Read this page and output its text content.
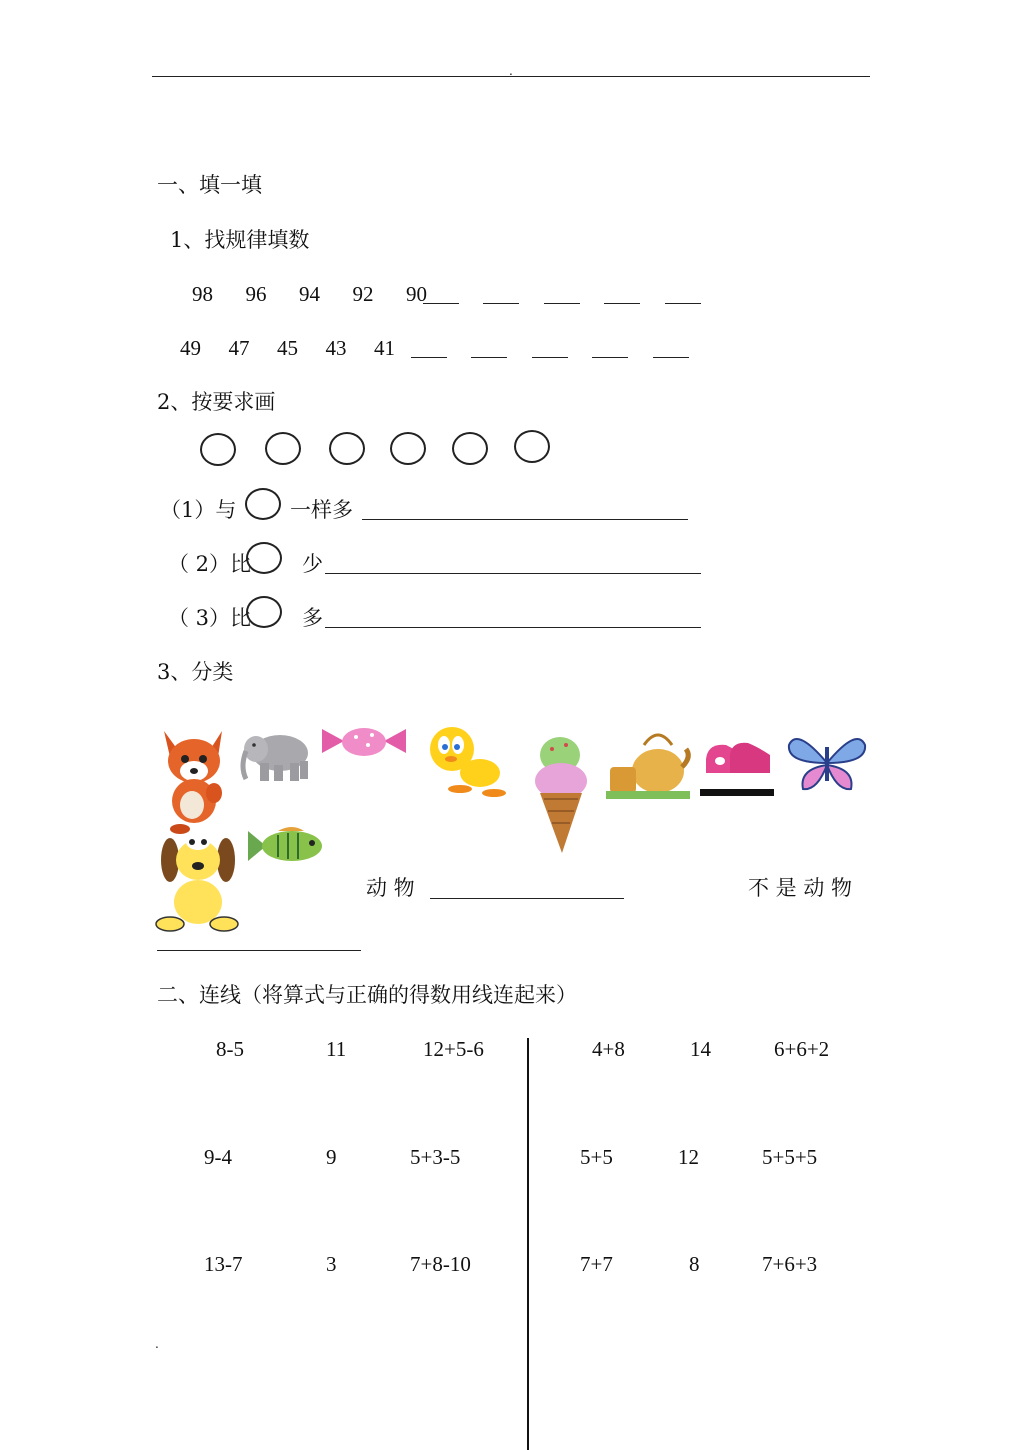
.
一、填一填
1、找规律填数
98 96 94 92 90
49 47 45 43 41
2、按要求画
（1）与	一样多
（ 2）比 少
（ 3）比 多
3、分类
动 物	不 是 动 物
二、连线（将算式与正确的得数用线连起来）
8-5	11	12+5-6
9-4	9	5+3-5
13-7	3	7+8-10
4+8	14	6+6+2
5+5	12	5+5+5
7+7	8	7+6+3
.
